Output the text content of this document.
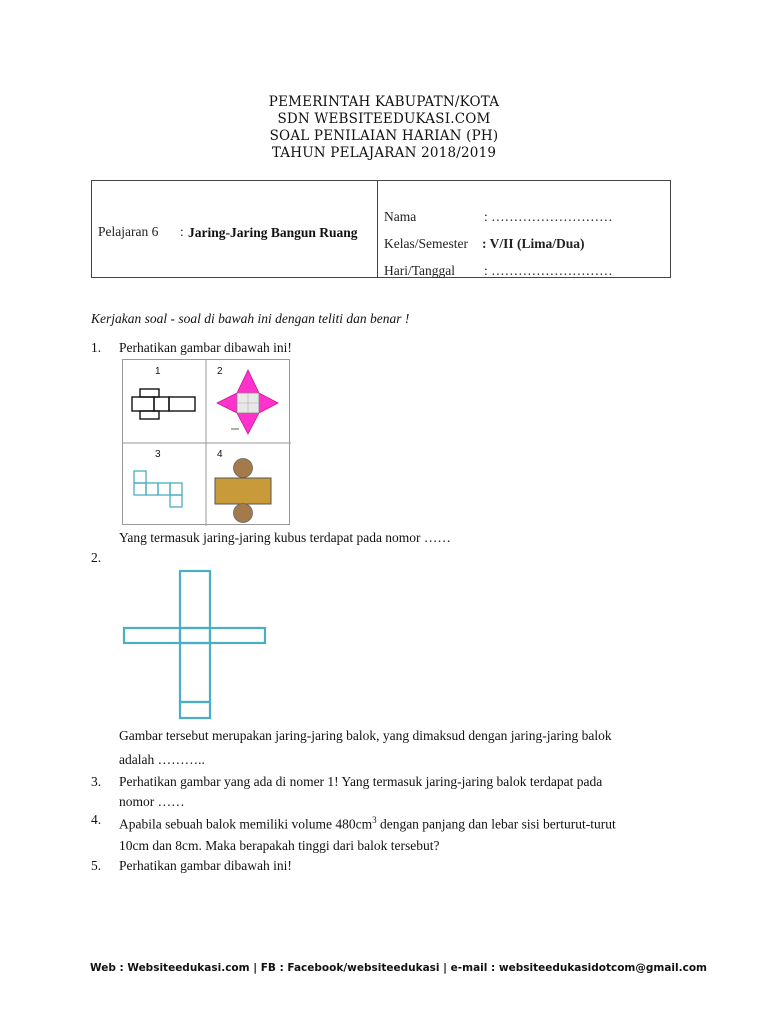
PEMERINTAH KABUPATN/KOTA
SDN WEBSITEEDUKASI.COM
SOAL PENILAIAN HARIAN (PH)
TAHUN PELAJARAN 2018/2019
Pelajaran 6 : Jaring-Jaring Bangun Ruang
Nama	: ………………………
Kelas/Semester : V/II (Lima/Dua)
Hari/Tanggal : ………………………
Kerjakan soal - soal di bawah ini dengan teliti dan benar !
1. Perhatikan gambar dibawah ini!
1	2
3	4
Yang termasuk jaring-jaring kubus terdapat pada nomor ……
2.
Gambar tersebut merupakan jaring-jaring balok, yang dimaksud dengan jaring-jaring balok
adalah ………..
3. Perhatikan gambar yang ada di nomer 1! Yang termasuk jaring-jaring balok terdapat pada
nomor ……
4. Apabila sebuah balok memiliki volume $480cm^3$ dengan panjang dan lebar sisi berturut-turut
10cm dan 8cm. Maka berapakah tinggi dari balok tersebut?
5. Perhatikan gambar dibawah ini!
Web : Websiteedukasi.com | FB : Facebook/websiteedukasi | e-mail : websiteedukasidotcom@gmail.com
